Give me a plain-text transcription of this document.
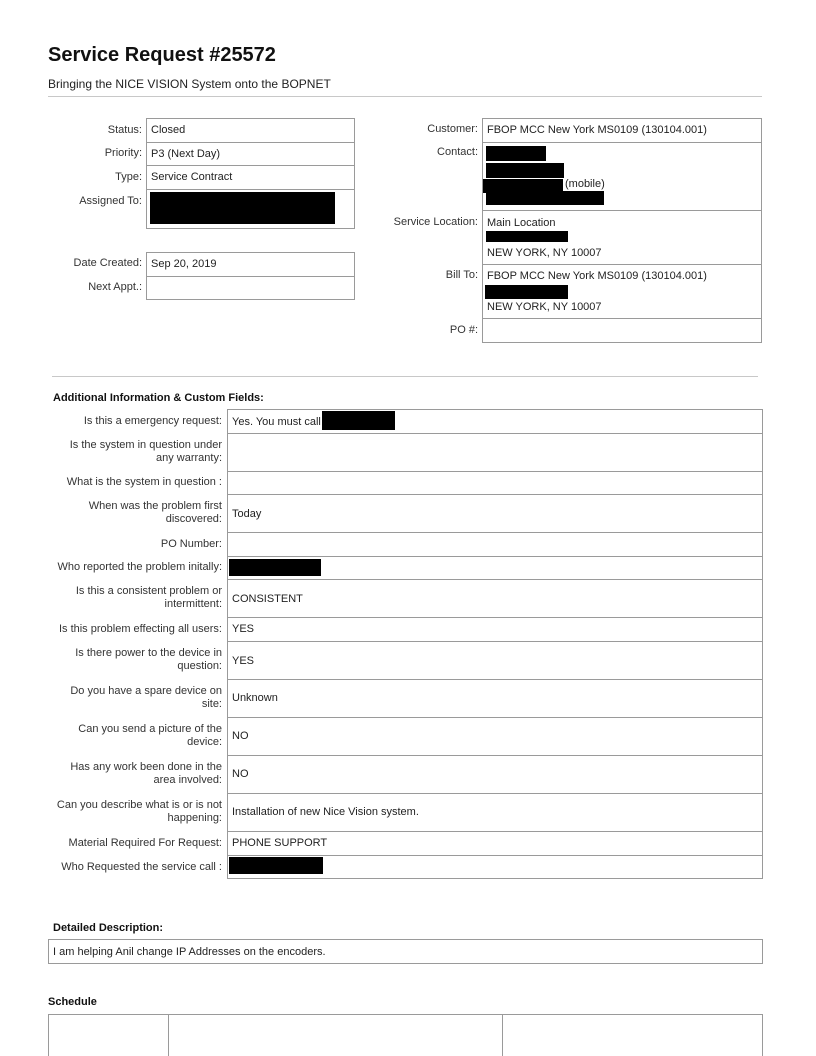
Service Request #25572
Bringing the NICE VISION System onto the BOPNET
Status:
Priority:
Type:
Assigned To:
Closed
P3 (Next Day)
Service Contract
Date Created:
Next Appt.:
Sep 20, 2019
Customer:
Contact:
Service Location:
Bill To:
PO #:
FBOP MCC New York MS0109 (130104.001)
(mobile)
Main Location
NEW YORK, NY 10007
FBOP MCC New York MS0109 (130104.001)
NEW YORK, NY 10007
Additional Information & Custom Fields:
Is this a emergency request:
Is the system in question under any warranty:
What is the system in question :
When was the problem first discovered:
PO Number:
Who reported the problem initally:
Is this a consistent problem or intermittent:
Is this problem effecting all users:
Is there power to the device in question:
Do you have a spare device on site:
Can you send a picture of the device:
Has any work been done in the area involved:
Can you describe what is or is not happening:
Material Required For Request:
Who Requested the service call :
Yes. You must call
Today
CONSISTENT
YES
YES
Unknown
NO
NO
Installation of new Nice Vision system.
PHONE SUPPORT
Detailed Description:
I am helping Anil change IP Addresses on the encoders.
Schedule
